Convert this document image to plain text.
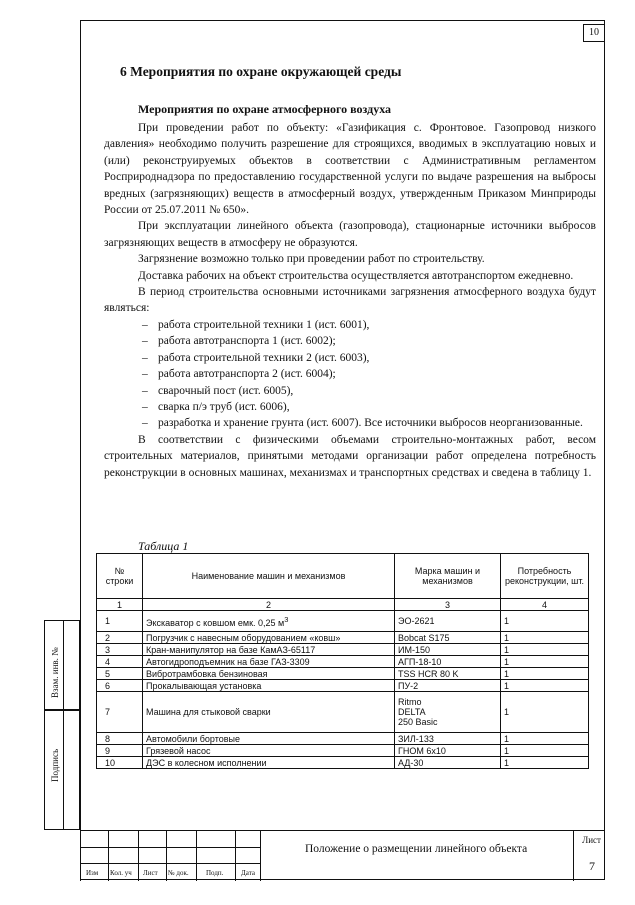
10
6 Мероприятия по охране окружающей среды
Мероприятия по охране атмосферного воздуха

При проведении работ по объекту: «Газификация с. Фронтовое. Газопровод низкого давления» необходимо получить разрешение для строящихся, вводимых в эксплуатацию новых и (или) реконструируемых объектов в соответствии с Административным регламентом Росприроднадзора по предоставлению государственной услуги по выдаче разрешения на выбросы вредных (загрязняющих) веществ в атмосферный воздух, утвержденным Приказом Минприроды России от 25.07.2011 № 650».

При эксплуатации линейного объекта (газопровода), стационарные источники выбросов загрязняющих веществ в атмосферу не образуются.

Загрязнение возможно только при проведении работ по строительству.

Доставка рабочих на объект строительства осуществляется автотранспортом ежедневно.

В период строительства основными источниками загрязнения атмосферного воздуха будут являться:

– работа строительной техники 1 (ист. 6001),
– работа автотранспорта 1 (ист. 6002);
– работа строительной техники 2 (ист. 6003),
– работа автотранспорта 2 (ист. 6004);
– сварочный пост (ист. 6005),
– сварка п/э труб (ист. 6006),
– разработка и хранение грунта (ист. 6007). Все источники выбросов неорганизованные.

В соответствии с физическими объемами строительно-монтажных работ, весом строительных материалов, принятыми методами организации работ определена потребность реконструкции в основных машинах, механизмах и транспортных средствах и сведена в таблицу 1.

Таблица 1
№ строки	Наименование машин и механизмов	Марка машин и механизмов	Потребность реконструкции, шт.
1	2	3	4
1	Экскаватор с ковшом емк. 0,25 $м^3$	ЭО-2621	1
2	Погрузчик с навесным оборудованием «ковш»	Bobcat S175	1
3	Кран-манипулятор на базе КамАЗ-65117	ИМ-150	1
4	Автогидроподъемник на базе ГАЗ-3309	АГП-18-10	1
5	Вибротрамбовка бензиновая	TSS HCR 80 K	1
6	Прокалывающая установка	ПУ-2	1
7	Машина для стыковой сварки	Ritmo
DELTA
250 Basic	1
8	Автомобили бортовые	ЗИЛ-133	1
9	Грязевой насос	ГНОМ 6х10	1
10	ДЭС в колесном исполнении	АД-30	1
Взам. инв. №
Подпись
Изм Кол. уч Лист № док. Подп.	Дата
Положение о размещении линейного объекта
Лист
7
